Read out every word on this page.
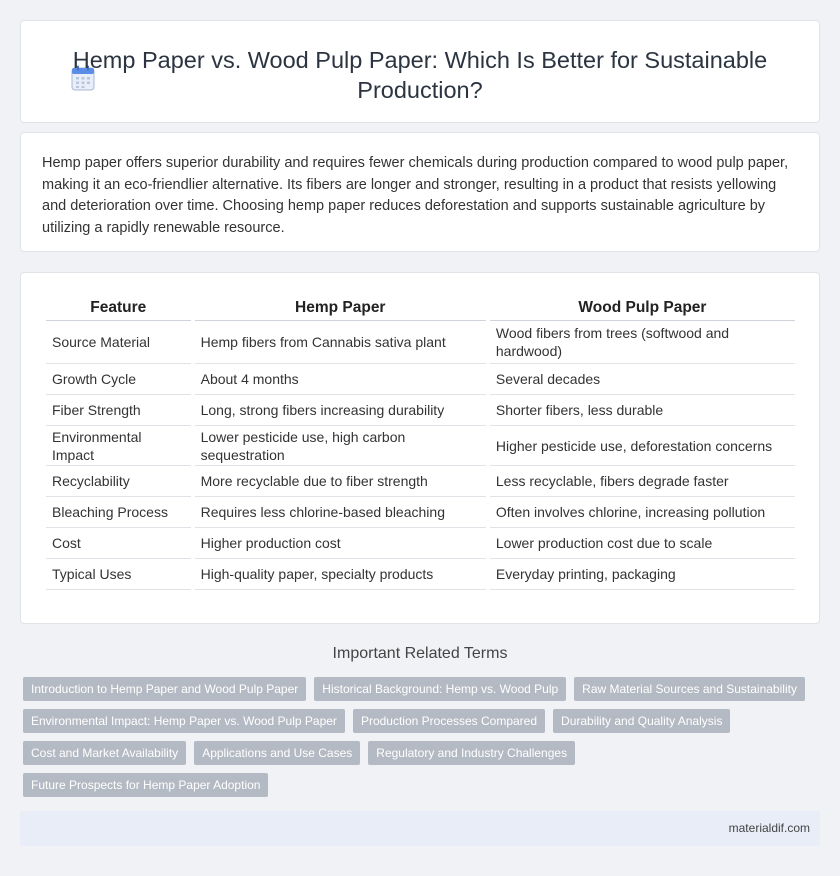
Hemp Paper vs. Wood Pulp Paper: Which Is Better for Sustainable Production?

Hemp paper offers superior durability and requires fewer chemicals during production compared to wood pulp paper, making it an eco-friendlier alternative. Its fibers are longer and stronger, resulting in a product that resists yellowing and deterioration over time. Choosing hemp paper reduces deforestation and supports sustainable agriculture by utilizing a rapidly renewable resource.

Feature	Hemp Paper	Wood Pulp Paper
Source Material	Hemp fibers from Cannabis sativa plant	Wood fibers from trees (softwood and hardwood)
Growth Cycle	About 4 months	Several decades
Fiber Strength	Long, strong fibers increasing durability	Shorter fibers, less durable
Environmental Impact	Lower pesticide use, high carbon sequestration	Higher pesticide use, deforestation concerns
Recyclability	More recyclable due to fiber strength	Less recyclable, fibers degrade faster
Bleaching Process	Requires less chlorine-based bleaching	Often involves chlorine, increasing pollution
Cost	Higher production cost	Lower production cost due to scale
Typical Uses	High-quality paper, specialty products	Everyday printing, packaging
Important Related Terms
Introduction to Hemp Paper and Wood Pulp Paper	Historical Background: Hemp vs. Wood Pulp	Raw Material Sources and Sustainability
Environmental Impact: Hemp Paper vs. Wood Pulp Paper	Production Processes Compared	Durability and Quality Analysis
Cost and Market Availability	Applications and Use Cases	Regulatory and Industry Challenges
Future Prospects for Hemp Paper Adoption
materialdif.com
